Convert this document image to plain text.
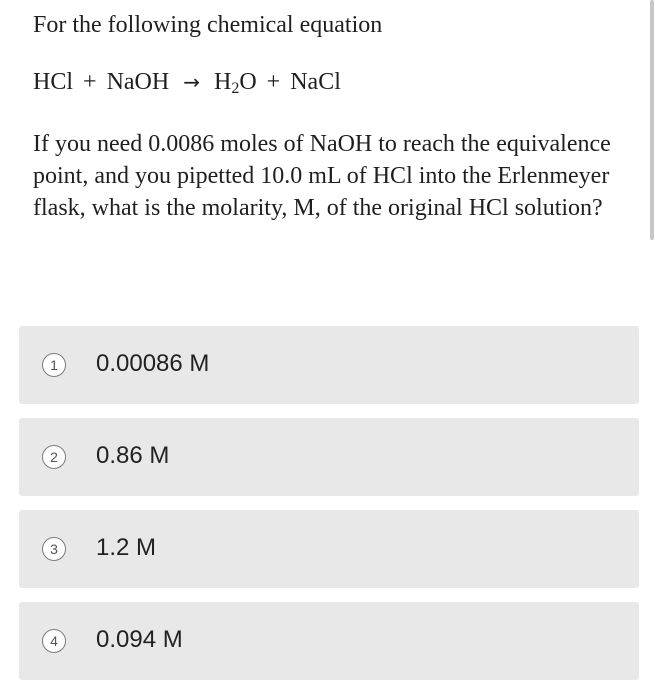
For the following chemical equation
HCl + NaOH → $H_2O$ + NaCl
If you need 0.0086 moles of NaOH to reach the equivalence point, and you pipetted 10.0 mL of HCl into the Erlenmeyer flask, what is the molarity, M, of the original HCl solution?
1	0.00086 M
2	0.86 M
3	1.2 M
4	0.094 M
